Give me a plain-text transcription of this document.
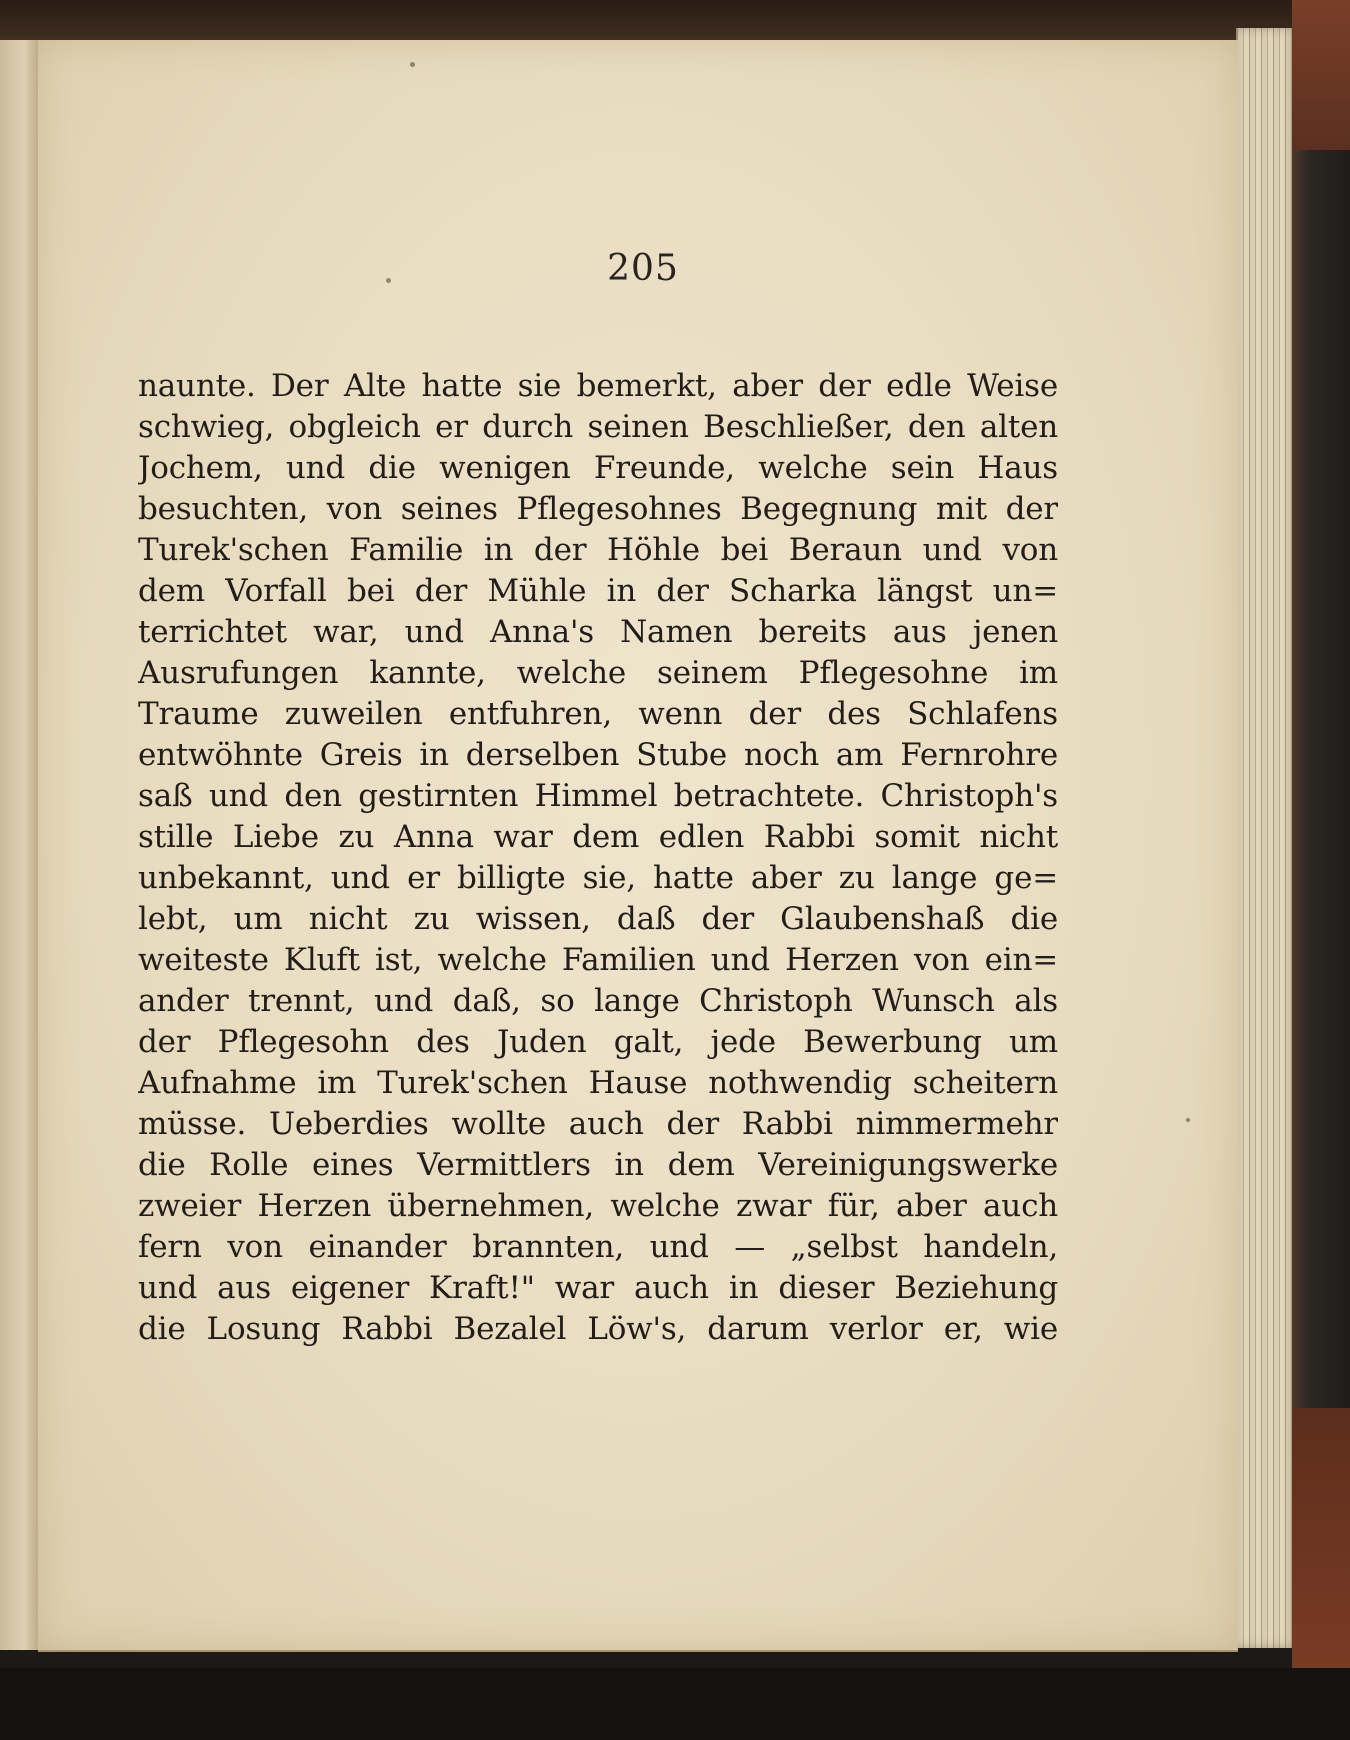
205
naunte. Der Alte hatte sie bemerkt, aber der edle Weise
schwieg, obgleich er durch seinen Beschließer, den alten
Jochem, und die wenigen Freunde, welche sein Haus
besuchten, von seines Pflegesohnes Begegnung mit der
Turek'schen Familie in der Höhle bei Beraun und von
dem Vorfall bei der Mühle in der Scharka längst un=
terrichtet war, und Anna's Namen bereits aus jenen
Ausrufungen kannte, welche seinem Pflegesohne im
Traume zuweilen entfuhren, wenn der des Schlafens
entwöhnte Greis in derselben Stube noch am Fernrohre
saß und den gestirnten Himmel betrachtete. Christoph's
stille Liebe zu Anna war dem edlen Rabbi somit nicht
unbekannt, und er billigte sie, hatte aber zu lange ge=
lebt, um nicht zu wissen, daß der Glaubenshaß die
weiteste Kluft ist, welche Familien und Herzen von ein=
ander trennt, und daß, so lange Christoph Wunsch als
der Pflegesohn des Juden galt, jede Bewerbung um
Aufnahme im Turek'schen Hause nothwendig scheitern
müsse. Ueberdies wollte auch der Rabbi nimmermehr
die Rolle eines Vermittlers in dem Vereinigungswerke
zweier Herzen übernehmen, welche zwar für, aber auch
fern von einander brannten, und — „selbst handeln,
und aus eigener Kraft!" war auch in dieser Beziehung
die Losung Rabbi Bezalel Löw's, darum verlor er, wie
